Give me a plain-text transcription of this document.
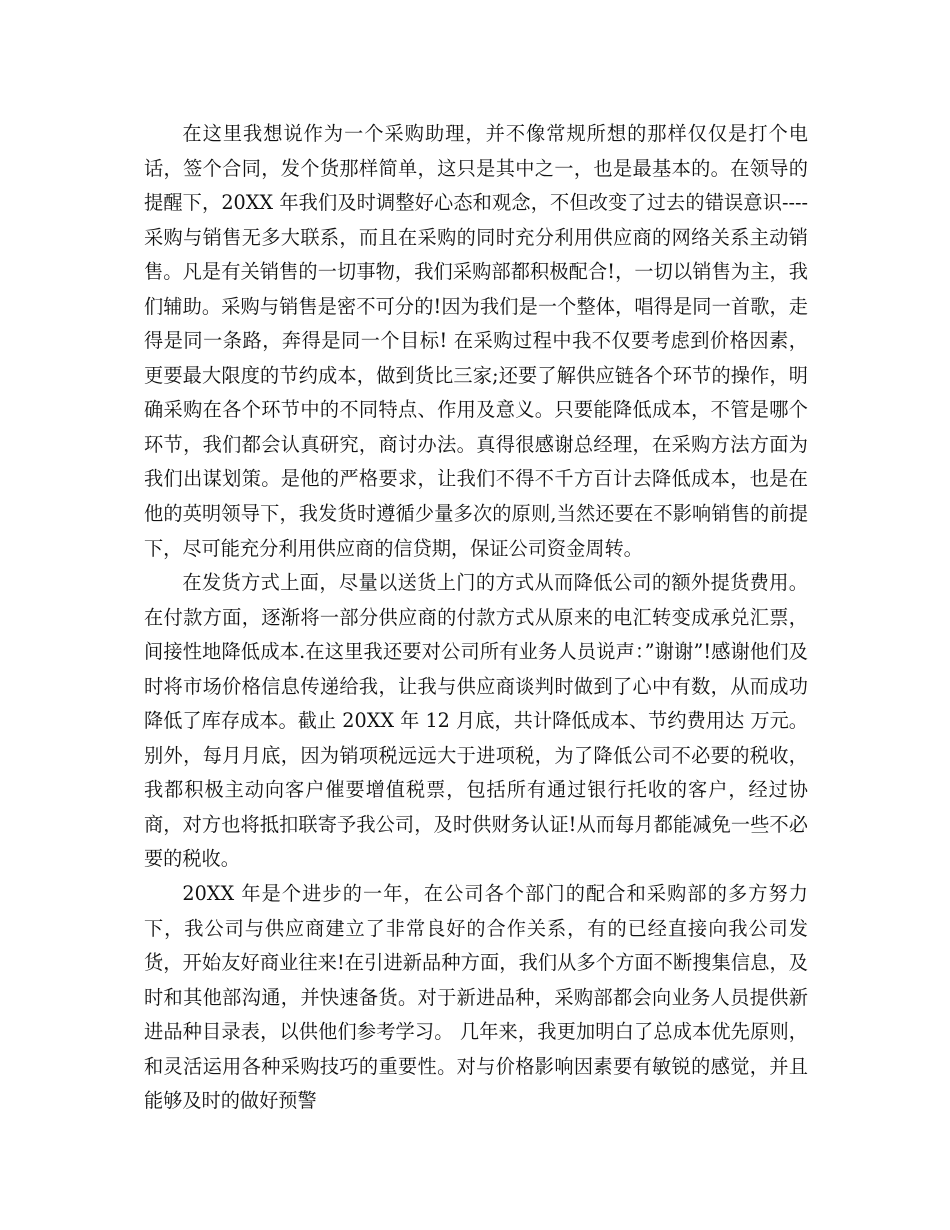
在这里我想说作为一个采购助理，并不像常规所想的那样仅仅是打个电话，签个合同，发个货那样简单，这只是其中之一，也是最基本的。在领导的提醒下，20XX 年我们及时调整好心态和观念，不但改变了过去的错误意识----采购与销售无多大联系，而且在采购的同时充分利用供应商的网络关系主动销售。凡是有关销售的一切事物，我们采购部都积极配合!，一切以销售为主，我们辅助。采购与销售是密不可分的!因为我们是一个整体，唱得是同一首歌，走得是同一条路，奔得是同一个目标! 在采购过程中我不仅要考虑到价格因素，更要最大限度的节约成本，做到货比三家;还要了解供应链各个环节的操作，明确采购在各个环节中的不同特点、作用及意义。只要能降低成本，不管是哪个环节，我们都会认真研究，商讨办法。真得很感谢总经理，在采购方法方面为我们出谋划策。是他的严格要求，让我们不得不千方百计去降低成本，也是在他的英明领导下，我发货时遵循少量多次的原则,当然还要在不影响销售的前提下，尽可能充分利用供应商的信贷期，保证公司资金周转。

在发货方式上面，尽量以送货上门的方式从而降低公司的额外提货费用。在付款方面，逐渐将一部分供应商的付款方式从原来的电汇转变成承兑汇票，间接性地降低成本.在这里我还要对公司所有业务人员说声：”谢谢”!感谢他们及时将市场价格信息传递给我，让我与供应商谈判时做到了心中有数，从而成功降低了库存成本。截止 20XX 年 12 月底，共计降低成本、节约费用达 万元。别外，每月月底，因为销项税远远大于进项税，为了降低公司不必要的税收，我都积极主动向客户催要增值税票，包括所有通过银行托收的客户，经过协商，对方也将抵扣联寄予我公司，及时供财务认证!从而每月都能减免一些不必要的税收。

20XX 年是个进步的一年，在公司各个部门的配合和采购部的多方努力下，我公司与供应商建立了非常良好的合作关系，有的已经直接向我公司发货，开始友好商业往来!在引进新品种方面，我们从多个方面不断搜集信息，及时和其他部沟通，并快速备货。对于新进品种，采购部都会向业务人员提供新进品种目录表，以供他们参考学习。 几年来，我更加明白了总成本优先原则，和灵活运用各种采购技巧的重要性。对与价格影响因素要有敏锐的感觉，并且能够及时的做好预警
